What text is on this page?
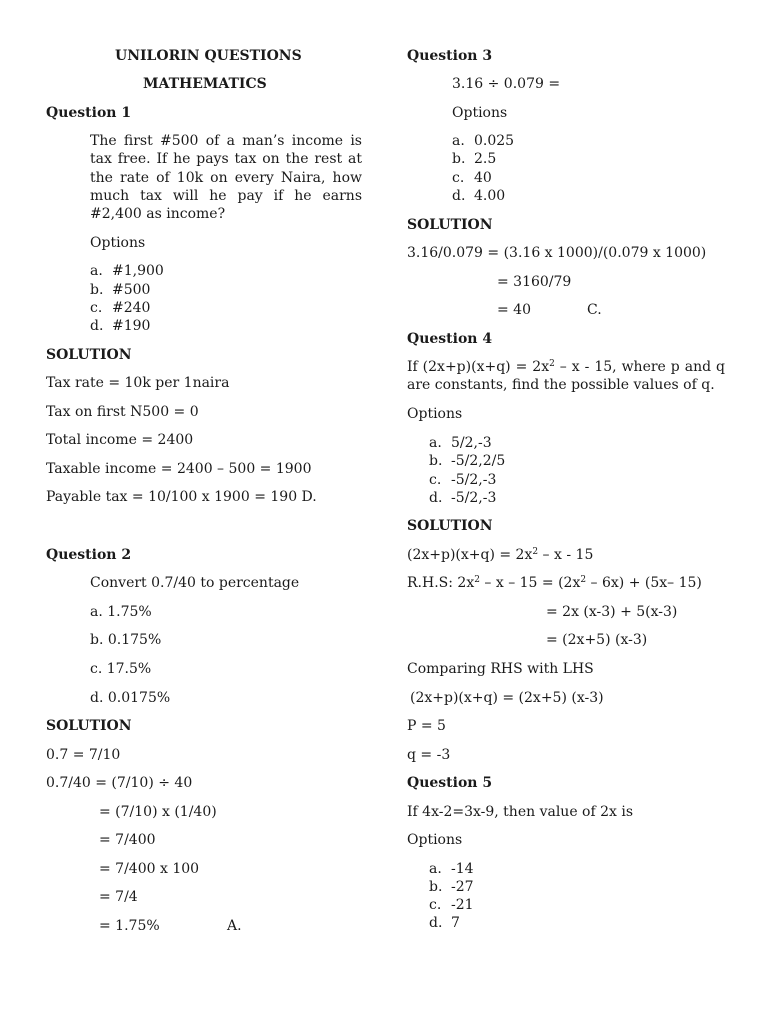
UNILORIN QUESTIONS
MATHEMATICS
Question 1
The first #500 of a man’s income is tax free. If he pays tax on the rest at the rate of 10k on every Naira, how much tax will he pay if he earns #2,400 as income?
Options
a. #1,900
b. #500
c. #240
d. #190
SOLUTION
Tax rate = 10k per 1naira
Tax on first N500 = 0
Total income = 2400
Taxable income = 2400 – 500 = 1900
Payable tax = 10/100 x 1900 = 190 D.
Question 2
Convert 0.7/40 to percentage
a. 1.75%
b. 0.175%
c. 17.5%
d. 0.0175%
SOLUTION
0.7 = 7/10
0.7/40 = (7/10) ÷ 40
= (7/10) x (1/40)
= 7/400
= 7/400 x 100
= 7/4
= 1.75%	A.
Question 3
3.16 ÷ 0.079 =
Options
a. 0.025
b. 2.5
c. 40
d. 4.00
SOLUTION
3.16/0.079 = (3.16 x 1000)/(0.079 x 1000)
= 3160/79
= 40	C.
Question 4
If $(2x+p)(x+q) = 2x^2 - x - 15$, where p and q are constants, find the possible values of q.
Options
a. 5/2,-3
b. -5/2,2/5
c. -5/2,-3
d. -5/2,-3
SOLUTION
$(2x+p)(x+q) = 2x^2 - x - 15$
R.H.S: $2x^2 - x - 15 = (2x^2 - 6x) + (5x-$ 15)
= 2x (x-3) + 5(x-3)
= (2x+5) (x-3)
Comparing RHS with LHS
(2x+p)(x+q) = (2x+5) (x-3)
P = 5
q = -3
Question 5
If 4x-2=3x-9, then value of 2x is
Options
a. -14
b. -27
c. -21
d. 7
